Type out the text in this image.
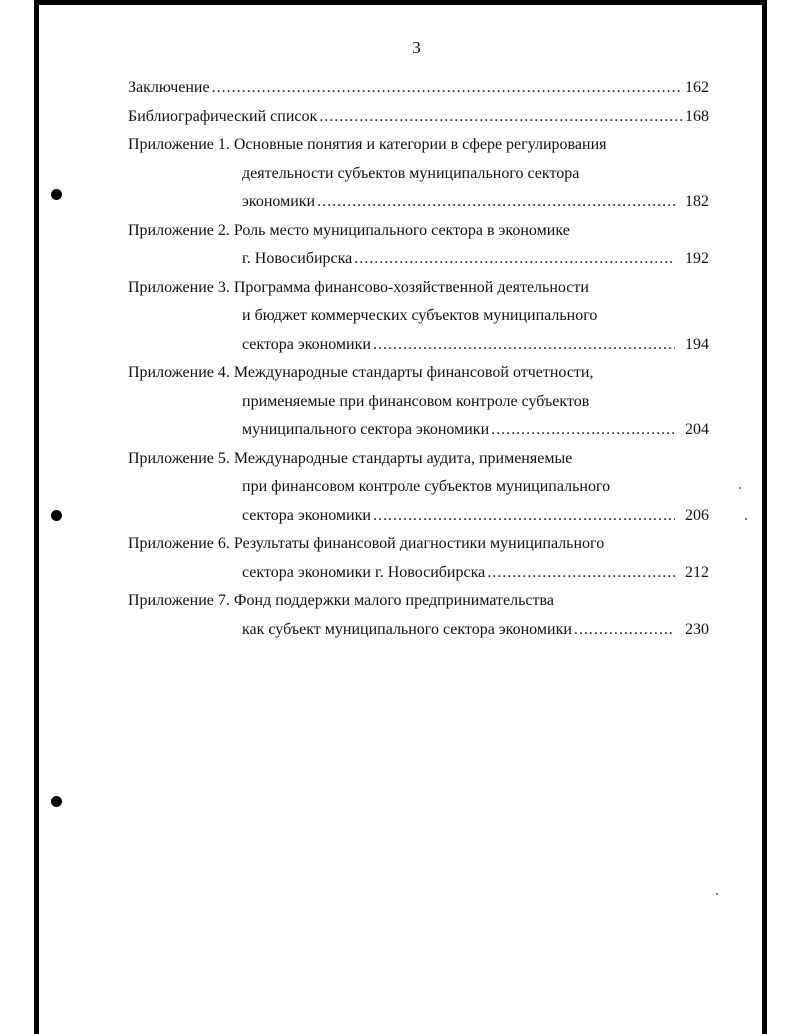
3
Заключение .....	162
Библиографический список .....	168
Приложение 1. Основные понятия и категории в сфере регулирования
деятельности субъектов муниципального сектора
экономики .....	182
Приложение 2. Роль место муниципального сектора в экономике
г. Новосибирска .....	192
Приложение 3. Программа финансово-хозяйственной деятельности
и бюджет коммерческих субъектов муниципального
сектора экономики .....	194
Приложение 4. Международные стандарты финансовой отчетности,
применяемые при финансовом контроле субъектов
муниципального сектора экономики .....	204
Приложение 5. Международные стандарты аудита, применяемые
при финансовом контроле субъектов муниципального
сектора экономики .....	206
Приложение 6. Результаты финансовой диагностики муниципального
сектора экономики г. Новосибирска .....	212
Приложение 7. Фонд поддержки малого предпринимательства
как субъект муниципального сектора экономики .....	230
